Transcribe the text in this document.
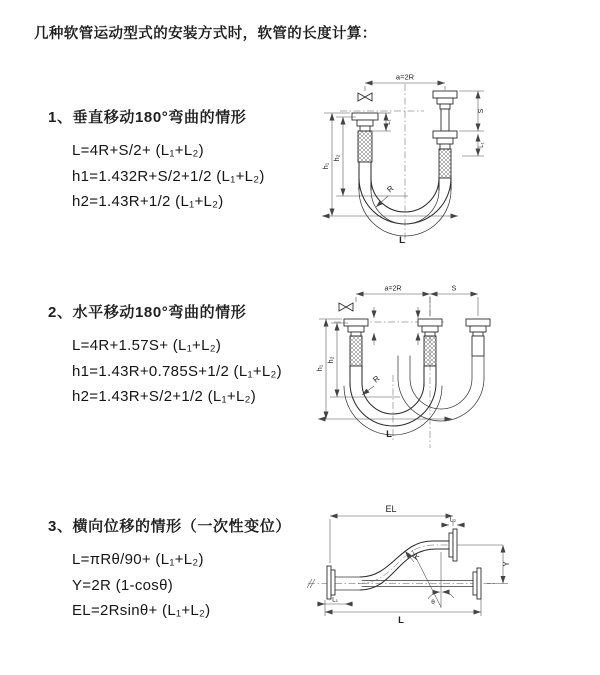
几种软管运动型式的安装方式时，软管的长度计算：
1、垂直移动180°弯曲的情形
L=4R+S/2+ (L₁+L₂)
h1=1.432R+S/2+1/2 (L₁+L₂)
h2=1.43R+1/2 (L₁+L₂)
2、水平移动180°弯曲的情形
L=4R+1.57S+ (L₁+L₂)
h1=1.43R+0.785S+1/2 (L₁+L₂)
h2=1.43R+S/2+1/2 (L₁+L₂)
3、横向位移的情形（一次性变位）
L=πRθ/90+ (L₁+L₂)
Y=2R (1-cosθ)
EL=2Rsinθ+ (L₁+L₂)
a=2R
h₁
h₂
S
L₁
L₁
R
L
a=2R	S
h₁
h₂
R
L
EL
L₂
Y
R
θ
L
L₁
